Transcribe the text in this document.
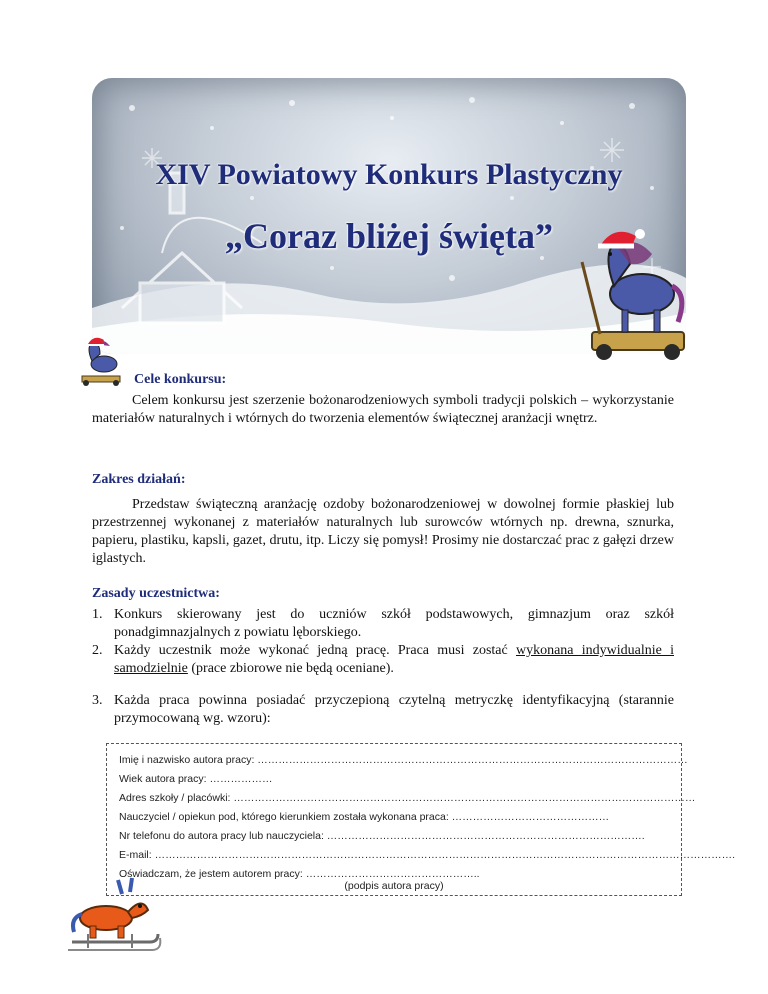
XIV Powiatowy Konkurs Plastyczny
„Coraz bliżej święta”
Cele konkursu:
Celem konkursu jest szerzenie bożonarodzeniowych symboli tradycji polskich – wykorzystanie materiałów naturalnych i wtórnych do tworzenia elementów świątecznej aranżacji wnętrz.
Zakres działań:
Przedstaw świąteczną aranżację ozdoby bożonarodzeniowej w dowolnej formie płaskiej lub przestrzennej wykonanej z materiałów naturalnych lub surowców wtórnych np. drewna, sznurka, papieru, plastiku, kapsli, gazet, drutu, itp. Liczy się pomysł! Prosimy nie dostarczać prac z gałęzi drzew iglastych.
Zasady uczestnictwa:
1. Konkurs skierowany jest do uczniów szkół podstawowych, gimnazjum oraz szkół ponadgimnazjalnych z powiatu lęborskiego.
2. Każdy uczestnik może wykonać jedną pracę. Praca musi zostać wykonana indywidualnie i samodzielnie (prace zbiorowe nie będą oceniane).
3. Każda praca powinna posiadać przyczepioną czytelną metryczkę identyfikacyjną (starannie przymocowaną wg. wzoru):
Imię i nazwisko autora pracy: ……………………………………………………………………………………………………………
Wiek autora pracy: ………………
Adres szkoły / placówki: ……………………………………………………………………………………………………………………
Nauczyciel / opiekun pod, którego kierunkiem została wykonana praca: ………………………………………
Nr telefonu do autora pracy lub nauczyciela: ……………………………………………………………………………….
E-mail: ………………………………………………………………………………………………………………………………………………….
Oświadczam, że jestem autorem pracy: …………………………………………..
(podpis autora pracy)
